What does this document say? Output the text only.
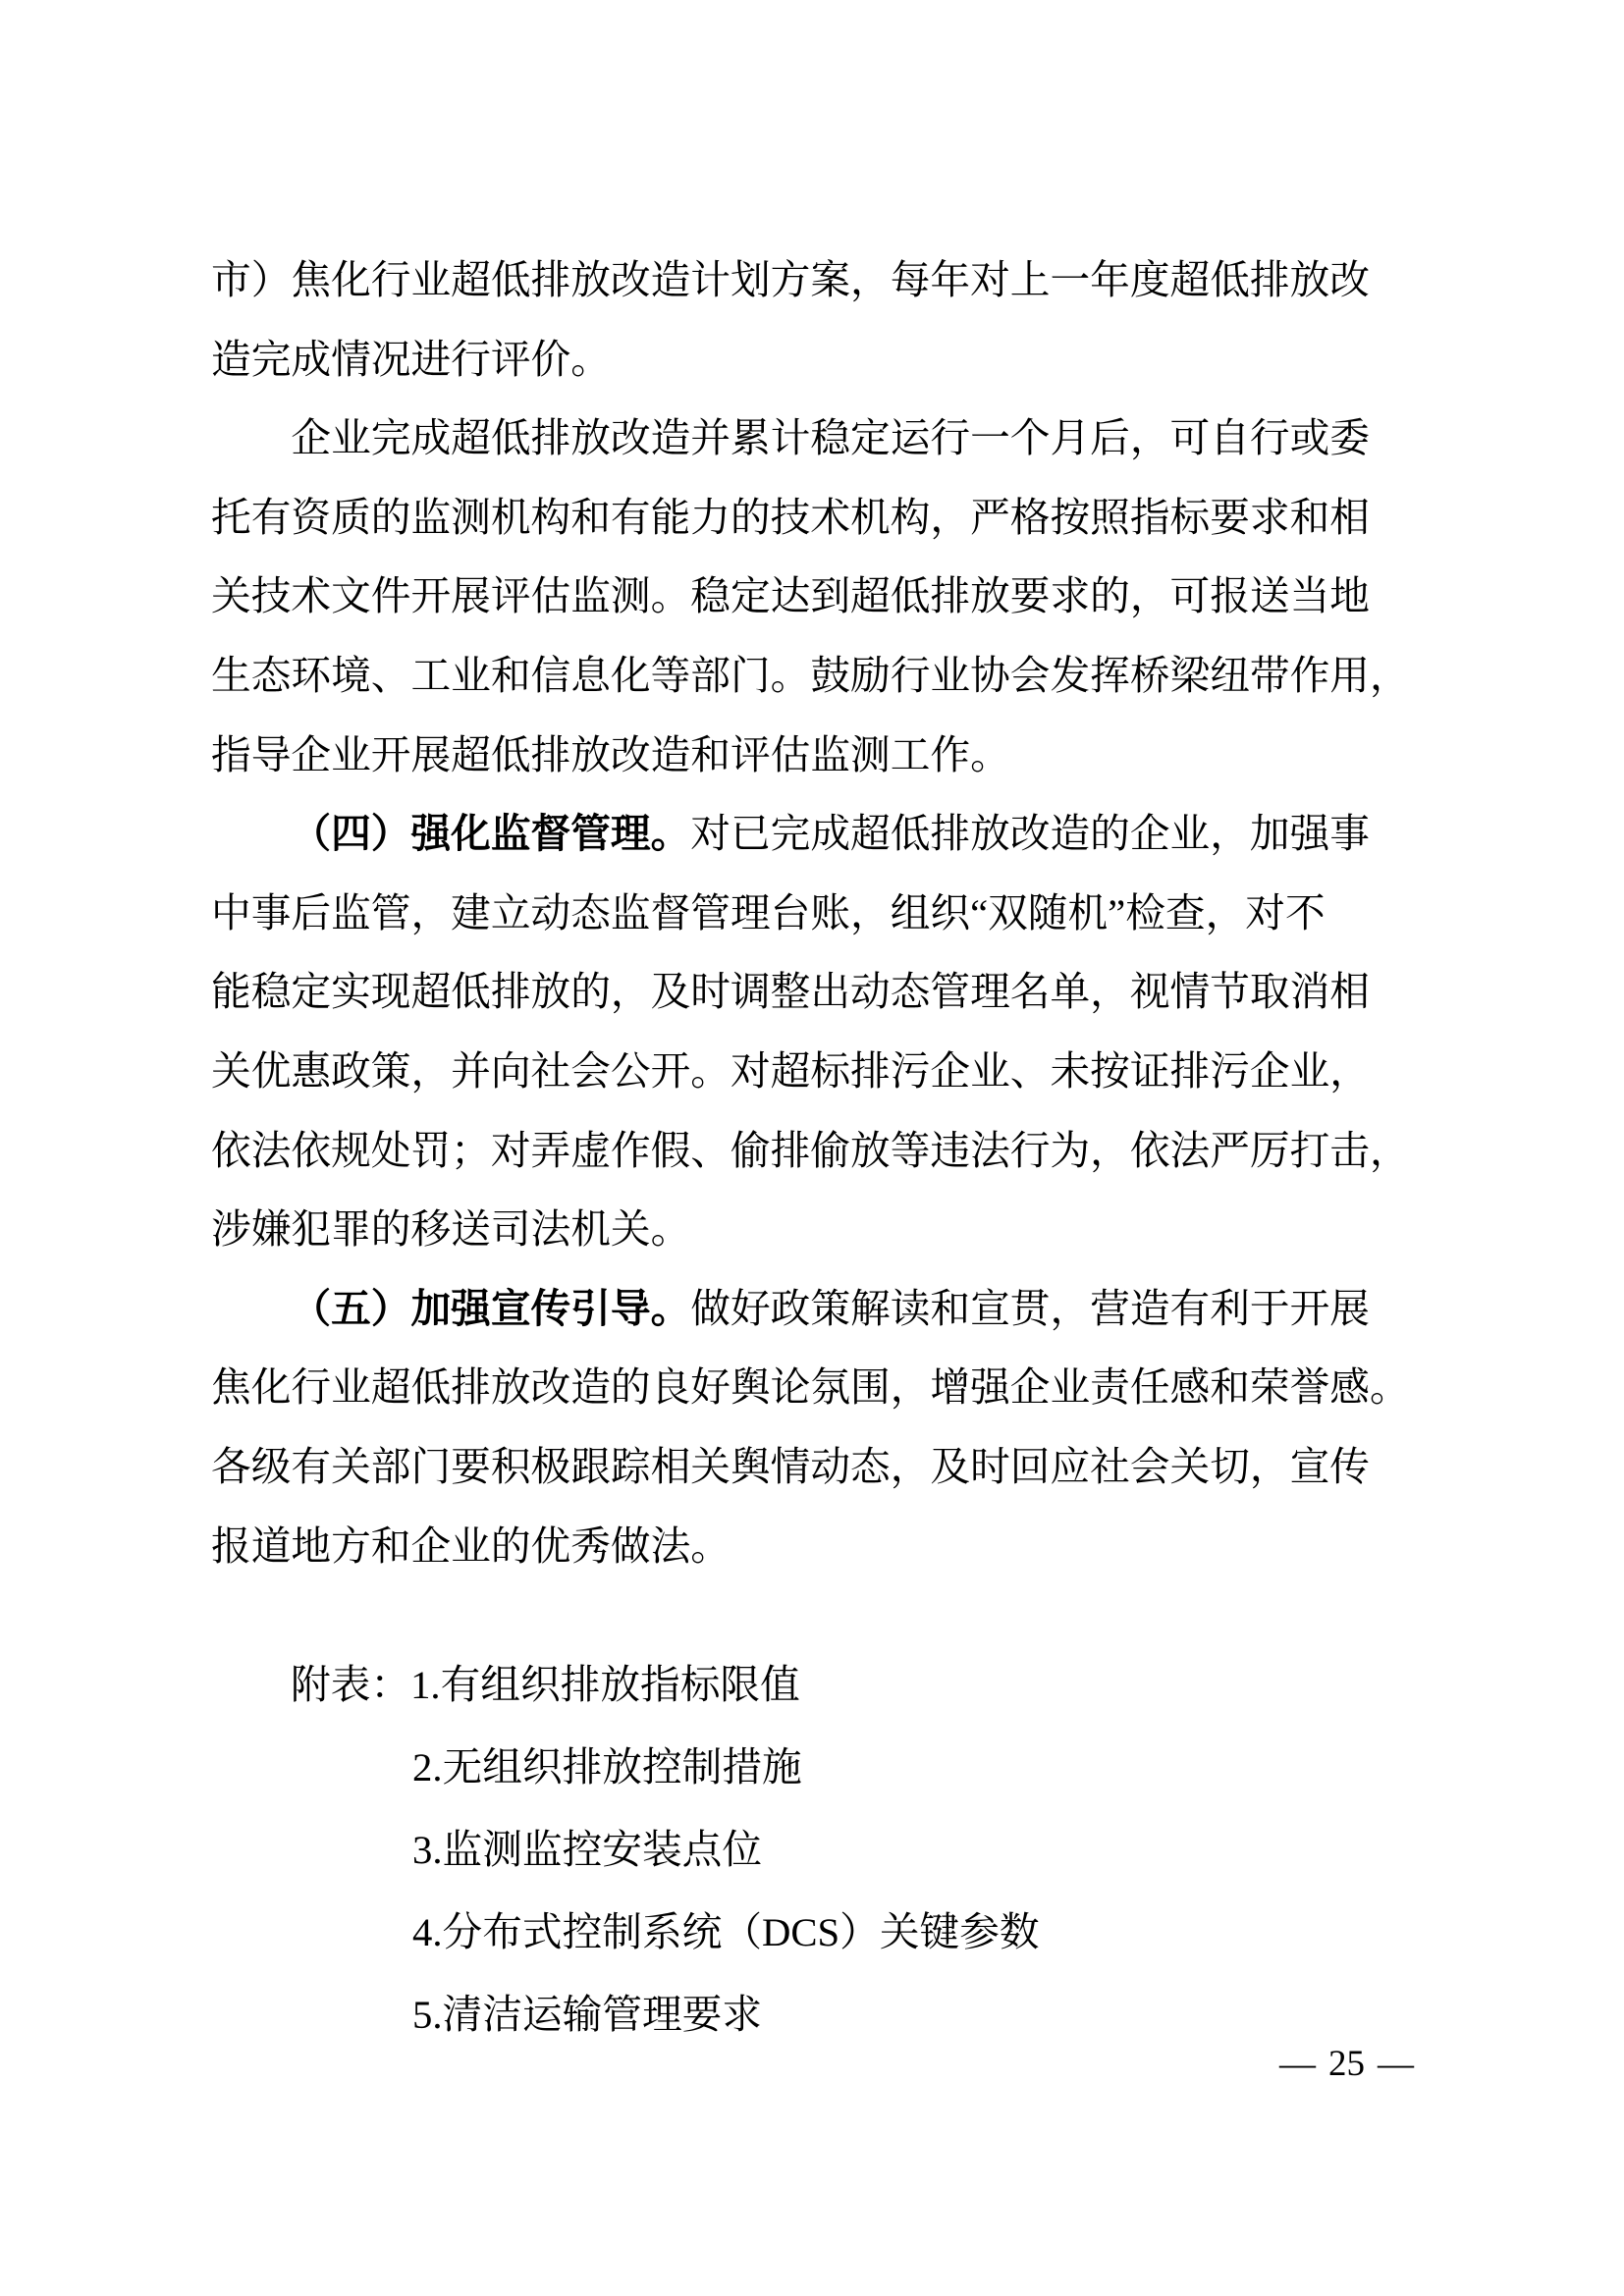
市）焦化行业超低排放改造计划方案，每年对上一年度超低排放改
造完成情况进行评价。
企业完成超低排放改造并累计稳定运行一个月后，可自行或委
托有资质的监测机构和有能力的技术机构，严格按照指标要求和相
关技术文件开展评估监测。稳定达到超低排放要求的，可报送当地
生态环境、工业和信息化等部门。鼓励行业协会发挥桥梁纽带作用，
指导企业开展超低排放改造和评估监测工作。
（四）强化监督管理。对已完成超低排放改造的企业，加强事
中事后监管，建立动态监督管理台账，组织“双随机”检查，对不
能稳定实现超低排放的，及时调整出动态管理名单，视情节取消相
关优惠政策，并向社会公开。对超标排污企业、未按证排污企业，
依法依规处罚；对弄虚作假、偷排偷放等违法行为，依法严厉打击，
涉嫌犯罪的移送司法机关。
（五）加强宣传引导。做好政策解读和宣贯，营造有利于开展
焦化行业超低排放改造的良好舆论氛围，增强企业责任感和荣誉感。
各级有关部门要积极跟踪相关舆情动态，及时回应社会关切，宣传
报道地方和企业的优秀做法。
附表：1.有组织排放指标限值
2.无组织排放控制措施
3.监测监控安装点位
4.分布式控制系统（DCS）关键参数
5.清洁运输管理要求
— 25 —
